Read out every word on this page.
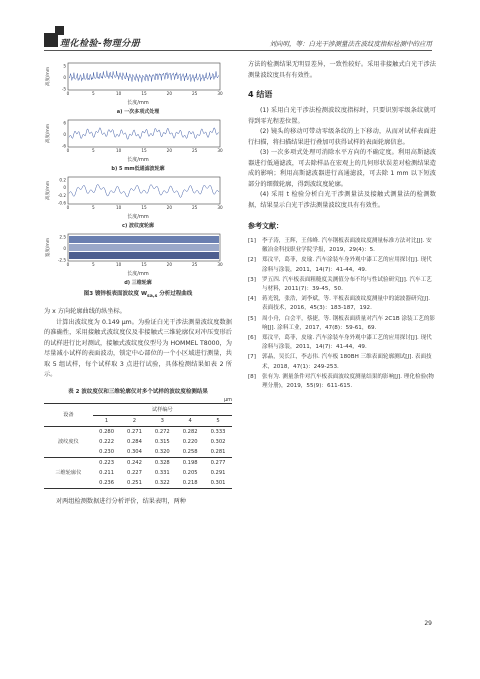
理化检验-物理分册	刘向明，等：白光干涉测量法在波纹度指标检测中的应用
高度/mm
5
0
-5
0	5	10	15	20	25	30
长度/mm
a) 一次多项式处理
高度/mm
6
0
-6
0	5	10	15	20	25	30
长度/mm
b) 5 mm低通滤波轮廓
高度/mm
0.2
0
-0.2
-0.6
0	5	10	15	20	25	30
长度/mm
c) 波纹度轮廓
宽度/mm
2.5
0
-2.5
0	5	10	15	20	25	30
长度/mm
d) 三维轮廓
图3 镀锌板表面波纹度 $W_{sa,s}$ 分析过程曲线

为 x 方向轮廓曲线的纵坐标。

计算出波纹度为 0.149 μm。为验证白光干涉法测量波纹度数据的准确性，采用接触式波纹度仪及非接触式三维轮廓仪对冲压变形后的试样进行比对测试，接触式波纹度仪型号为 HOMMEL T8000，为尽量减小试样的表面波动，锁定中心部位的一个小区域进行测量，共取 5 组试样，每个试样取 3 点进行试验，具体检测结果如表 2 所示。

表 2 波纹度仪和三维轮廓仪对多个试样的波纹度检测结果
μm
设备	试样编号				
	1	2	3	4	5
波纹度仪	0.280	0.271	0.272	0.282	0.333
	0.222	0.284	0.315	0.220	0.302
	0.230	0.304	0.320	0.258	0.281
三维轮廓仪	0.223	0.242	0.328	0.198	0.277
	0.211	0.227	0.331	0.205	0.291
	0.236	0.251	0.322	0.218	0.301

对两组检测数据进行分析评价，结果表明，两种

方法的检测结果无明显差异，一致性较好。采用非接触式白光干涉法测量波纹度具有有效性。

4 结语

(1) 采用白光干涉法检测波纹度指标时，只要识别零级条纹就可得到零光程差位置。

(2) 镜头的移动可带动零级条纹的上下移动，从而对试样表面进行扫描，将扫描结果进行叠加可获得试样的表面轮廓信息。

(3) 一次多项式处理可消除水平方向的不确定度。利用高斯滤波器进行低通滤波，可去除样品在宏观上的几何形状误差对检测结果造成的影响；利用高斯滤波器进行高通滤波，可去除 1 mm 以下短波部分的细微轮廓，得到波纹度轮廓。

(4) 采用 t 检验分析白光干涉测量法及接触式测量法的检测数据，结果显示白光干涉法测量波纹度具有有效性。

参考文献：
[1]	李子涛，王辉，王伟峰. 汽车钢板表面波纹度测量标准方法对比[J]. 安徽冶金科技职业学院学报，2019，29(4)：5.
[2]	郑汶平，葛菲，皮瑜. 汽车涂装车身外观中漆工艺的应用探讨[J]. 现代涂料与涂装，2011，14(7)：41-44，49.
[3]	罗五四. 汽车板表面粗糙度关测值分布不均与性试验研究[J]. 汽车工艺与材料，2011(7)：39-45，50.
[4]	蒋光锐，张浩，刘李斌，等. 平板表面波纹度测量中的滤波器研究[J]. 表面技术，2016，45(3)：183-187，192.
[5]	周小舟，白会平，蔡捷，等. 钢板表面质量对汽车 2C1B 涂装工艺的影响[J]. 涂料工业，2017，47(8)：59-61，69.
[6]	郑汶平，葛菲，皮瑜. 汽车涂装车身外观中漆工艺的应用探讨[J]. 现代涂料与涂装，2011，14(7)：41-44，49.
[7]	郭晶，吴长江，李志伟. 汽车板 180BH 三维表面轮廓测试[J]. 表面技术，2018，47(1)：249-253.
[8]	张有为. 测量条件对汽车板表面波纹度测量结果的影响[J]. 理化检验(物理分册)，2019，55(9)：611-615.
29
